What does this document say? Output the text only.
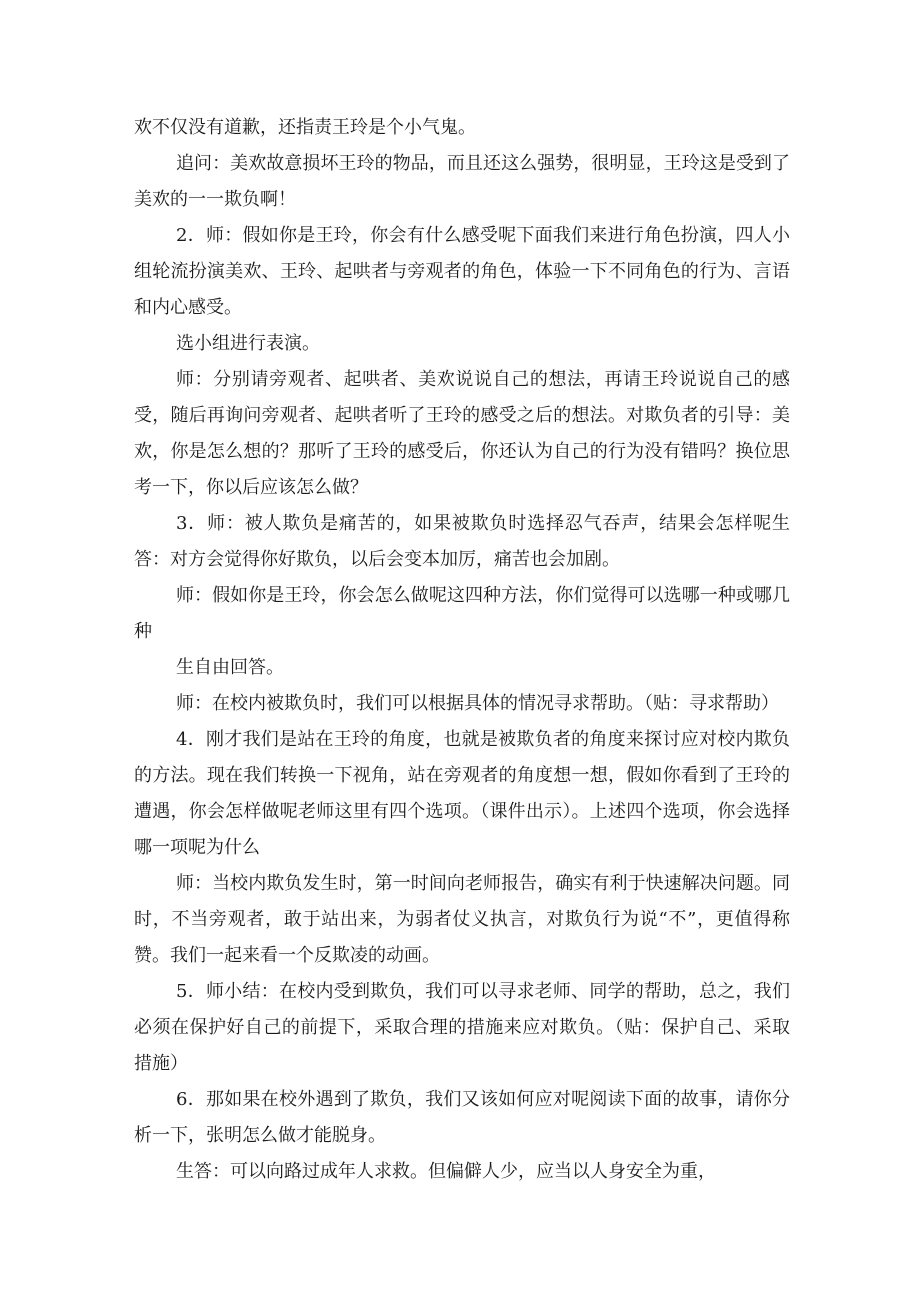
欢不仅没有道歉，还指责王玲是个小气鬼。

追问：美欢故意损坏王玲的物品，而且还这么强势，很明显，王玲这是受到了美欢的一一欺负啊！

2．师：假如你是王玲，你会有什么感受呢下面我们来进行角色扮演，四人小组轮流扮演美欢、王玲、起哄者与旁观者的角色，体验一下不同角色的行为、言语和内心感受。

选小组进行表演。

师：分别请旁观者、起哄者、美欢说说自己的想法，再请王玲说说自己的感受，随后再询问旁观者、起哄者听了王玲的感受之后的想法。对欺负者的引导：美欢，你是怎么想的？那听了王玲的感受后，你还认为自己的行为没有错吗？换位思考一下，你以后应该怎么做？

3．师：被人欺负是痛苦的，如果被欺负时选择忍气吞声，结果会怎样呢生答：对方会觉得你好欺负，以后会变本加厉，痛苦也会加剧。

师：假如你是王玲，你会怎么做呢这四种方法，你们觉得可以选哪一种或哪几种

生自由回答。

师：在校内被欺负时，我们可以根据具体的情况寻求帮助。（贴：寻求帮助）

4．刚才我们是站在王玲的角度，也就是被欺负者的角度来探讨应对校内欺负的方法。现在我们转换一下视角，站在旁观者的角度想一想，假如你看到了王玲的遭遇，你会怎样做呢老师这里有四个选项。（课件出示）。上述四个选项，你会选择哪一项呢为什么

师：当校内欺负发生时，第一时间向老师报告，确实有利于快速解决问题。同时，不当旁观者，敢于站出来，为弱者仗义执言，对欺负行为说“不”，更值得称赞。我们一起来看一个反欺凌的动画。

5．师小结：在校内受到欺负，我们可以寻求老师、同学的帮助，总之，我们必须在保护好自己的前提下，采取合理的措施来应对欺负。（贴：保护自己、采取措施）

6．那如果在校外遇到了欺负，我们又该如何应对呢阅读下面的故事，请你分析一下，张明怎么做才能脱身。

生答：可以向路过成年人求救。但偏僻人少，应当以人身安全为重，
